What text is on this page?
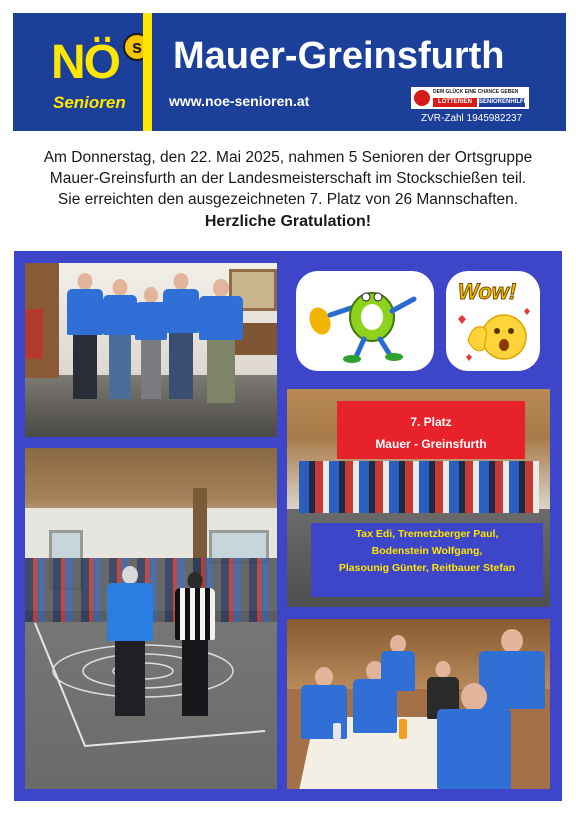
NÖ s
Senioren
Mauer-Greinsfurth
www.noe-senioren.at
DEM GLÜCK EINE CHANCE GEBEN
LOTTERIEN	SENIORENHILFE
ZVR-Zahl 1945982237
Am Donnerstag, den 22. Mai 2025, nahmen 5 Senioren der Ortsgruppe
Mauer-Greinsfurth an der Landesmeisterschaft im Stockschießen teil.
Sie erreichten den ausgezeichneten 7. Platz von 26 Mannschaften.
Herzliche Gratulation!
Wow!
7. Platz
Mauer - Greinsfurth
Tax Edi, Tremetzberger Paul,
Bodenstein Wolfgang,
Plasounig Günter, Reitbauer Stefan
